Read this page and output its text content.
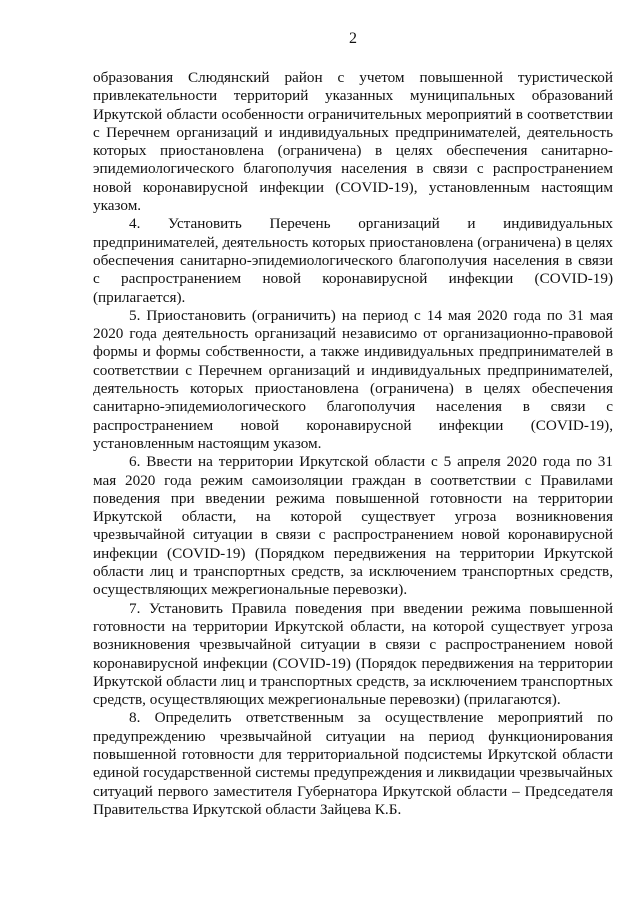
2

образования Слюдянский район с учетом повышенной туристической привлекательности территорий указанных муниципальных образований Иркутской области особенности ограничительных мероприятий в соответствии с Перечнем организаций и индивидуальных предпринимателей, деятельность которых приостановлена (ограничена) в целях обеспечения санитарно-эпидемиологического благополучия населения в связи с распространением новой коронавирусной инфекции (COVID-19), установленным настоящим указом.

4. Установить Перечень организаций и индивидуальных предпринимателей, деятельность которых приостановлена (ограничена) в целях обеспечения санитарно-эпидемиологического благополучия населения в связи с распространением новой коронавирусной инфекции (COVID-19) (прилагается).

5. Приостановить (ограничить) на период с 14 мая 2020 года по 31 мая 2020 года деятельность организаций независимо от организационно-правовой формы и формы собственности, а также индивидуальных предпринимателей в соответствии с Перечнем организаций и индивидуальных предпринимателей, деятельность которых приостановлена (ограничена) в целях обеспечения санитарно-эпидемиологического благополучия населения в связи с распространением новой коронавирусной инфекции (COVID-19), установленным настоящим указом.

6. Ввести на территории Иркутской области с 5 апреля 2020 года по 31 мая 2020 года режим самоизоляции граждан в соответствии с Правилами поведения при введении режима повышенной готовности на территории Иркутской области, на которой существует угроза возникновения чрезвычайной ситуации в связи с распространением новой коронавирусной инфекции (COVID-19) (Порядком передвижения на территории Иркутской области лиц и транспортных средств, за исключением транспортных средств, осуществляющих межрегиональные перевозки).

7. Установить Правила поведения при введении режима повышенной готовности на территории Иркутской области, на которой существует угроза возникновения чрезвычайной ситуации в связи с распространением новой коронавирусной инфекции (COVID-19) (Порядок передвижения на территории Иркутской области лиц и транспортных средств, за исключением транспортных средств, осуществляющих межрегиональные перевозки) (прилагаются).

8. Определить ответственным за осуществление мероприятий по предупреждению чрезвычайной ситуации на период функционирования повышенной готовности для территориальной подсистемы Иркутской области единой государственной системы предупреждения и ликвидации чрезвычайных ситуаций первого заместителя Губернатора Иркутской области – Председателя Правительства Иркутской области Зайцева К.Б.
